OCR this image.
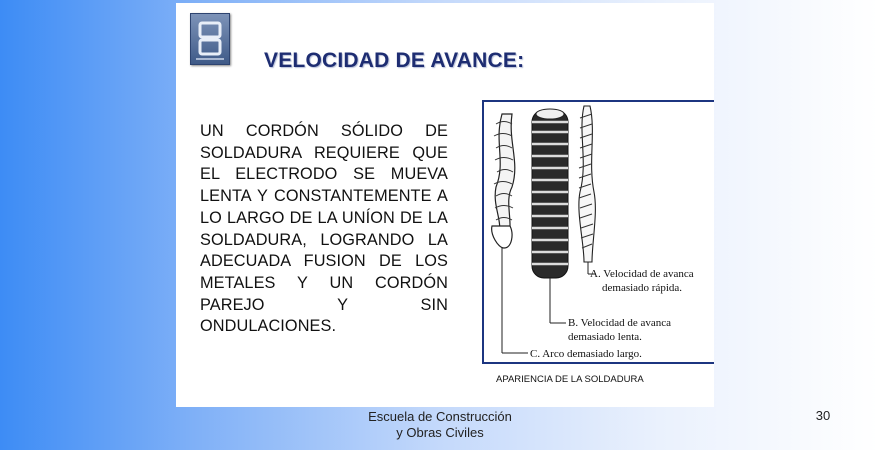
VELOCIDAD DE AVANCE:
UN CORDÓN SÓLIDO DE SOLDADURA REQUIERE QUE EL ELECTRODO SE MUEVA LENTA Y CONSTANTEMENTE A LO LARGO DE LA UNÍON DE LA SOLDADURA, LOGRANDO LA ADECUADA FUSION DE LOS METALES Y UN CORDÓN PAREJO Y SIN ONDULACIONES.
A. Velocidad de avanca
demasiado rápida.
B. Velocidad de avanca
demasiado lenta.
C. Arco demasiado largo.
APARIENCIA DE LA SOLDADURA
Escuela de Construcción
y Obras Civiles
30
